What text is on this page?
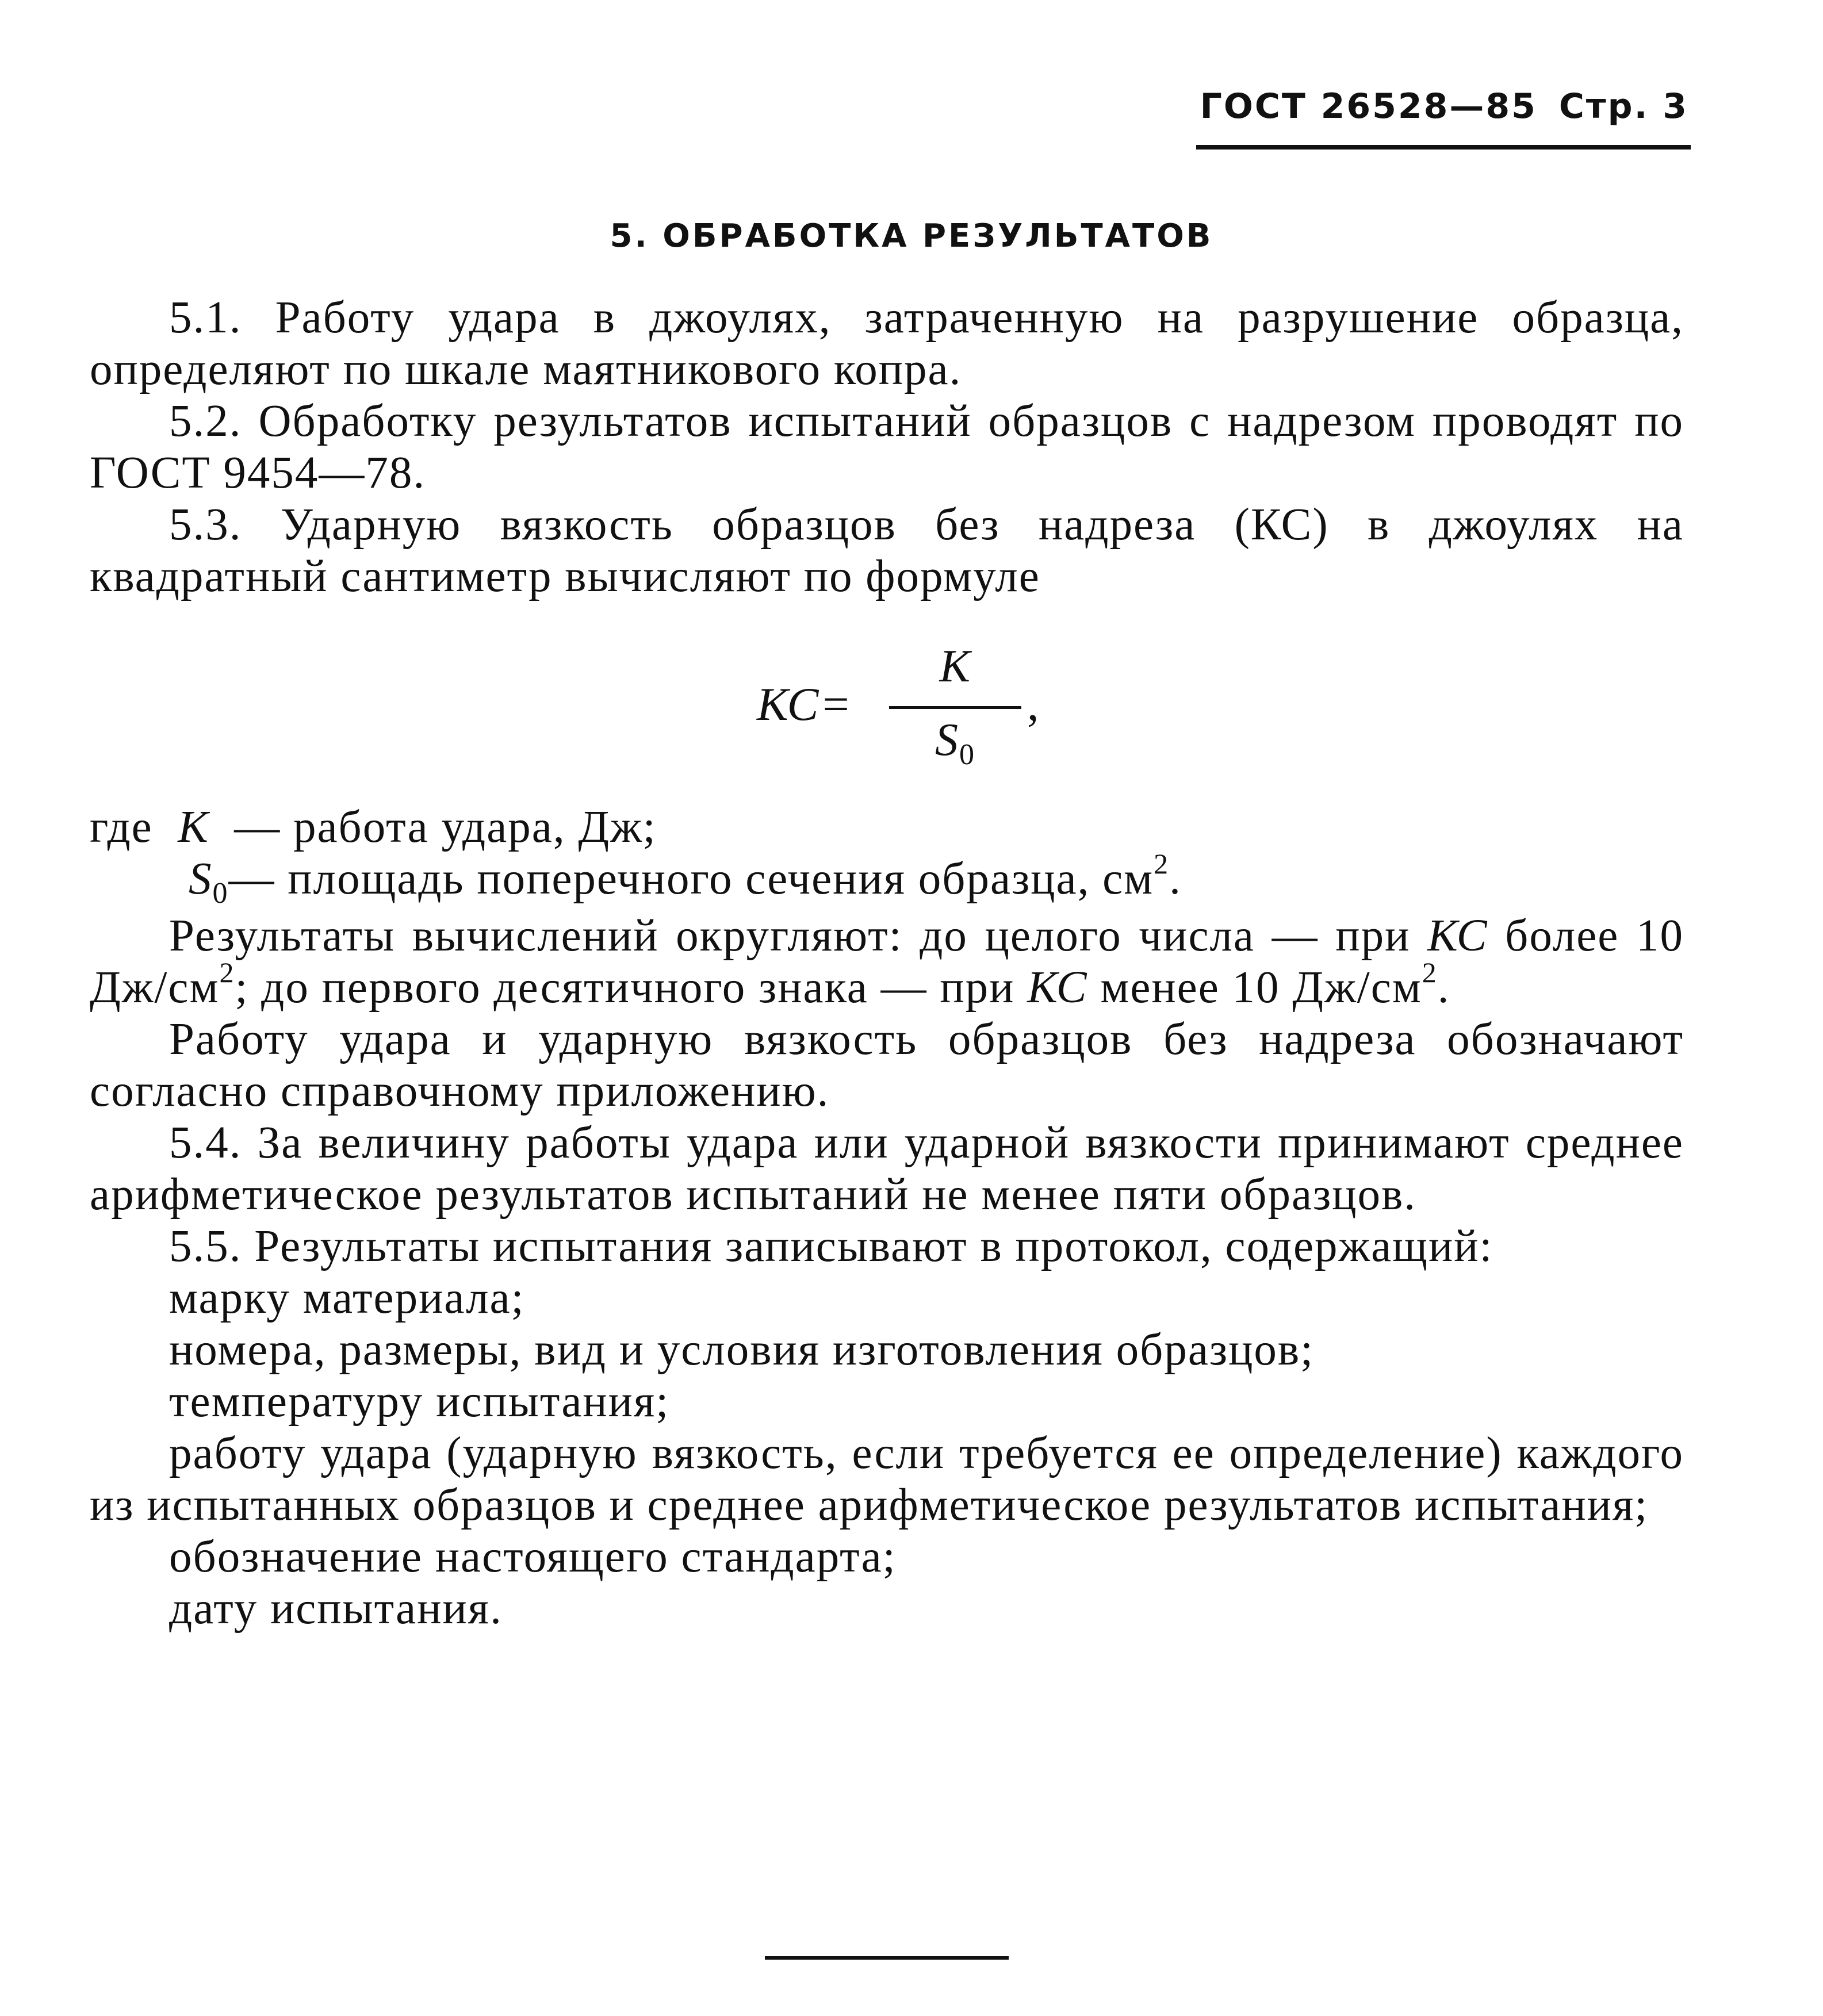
ГОСТ 26528—85 Стр. 3
5. ОБРАБОТКА РЕЗУЛЬТАТОВ

5.1. Работу удара в джоулях, затраченную на разрушение образца, определяют по шкале маятникового копра.

5.2. Обработку результатов испытаний образцов с надрезом проводят по ГОСТ 9454—78.

5.3. Ударную вязкость образцов без надреза (КС) в джоулях на квадратный сантиметр вычисляют по формуле

КС=
К
$S_0$
,

где К — работа удара, Дж;

$S_0—$ площадь поперечного сечения образца, $см^2$.

Результаты вычислений округляют: до целого числа — при КС более 10 $Дж/см^2$; до первого десятичного знака — при КС менее 10 $Дж/см^2$.

Работу удара и ударную вязкость образцов без надреза обозначают согласно справочному приложению.

5.4. За величину работы удара или ударной вязкости принимают среднее арифметическое результатов испытаний не менее пяти образцов.

5.5. Результаты испытания записывают в протокол, содержащий:

марку материала;

номера, размеры, вид и условия изготовления образцов;

температуру испытания;

работу удара (ударную вязкость, если требуется ее определение) каждого из испытанных образцов и среднее арифметическое результатов испытания;

обозначение настоящего стандарта;

дату испытания.
